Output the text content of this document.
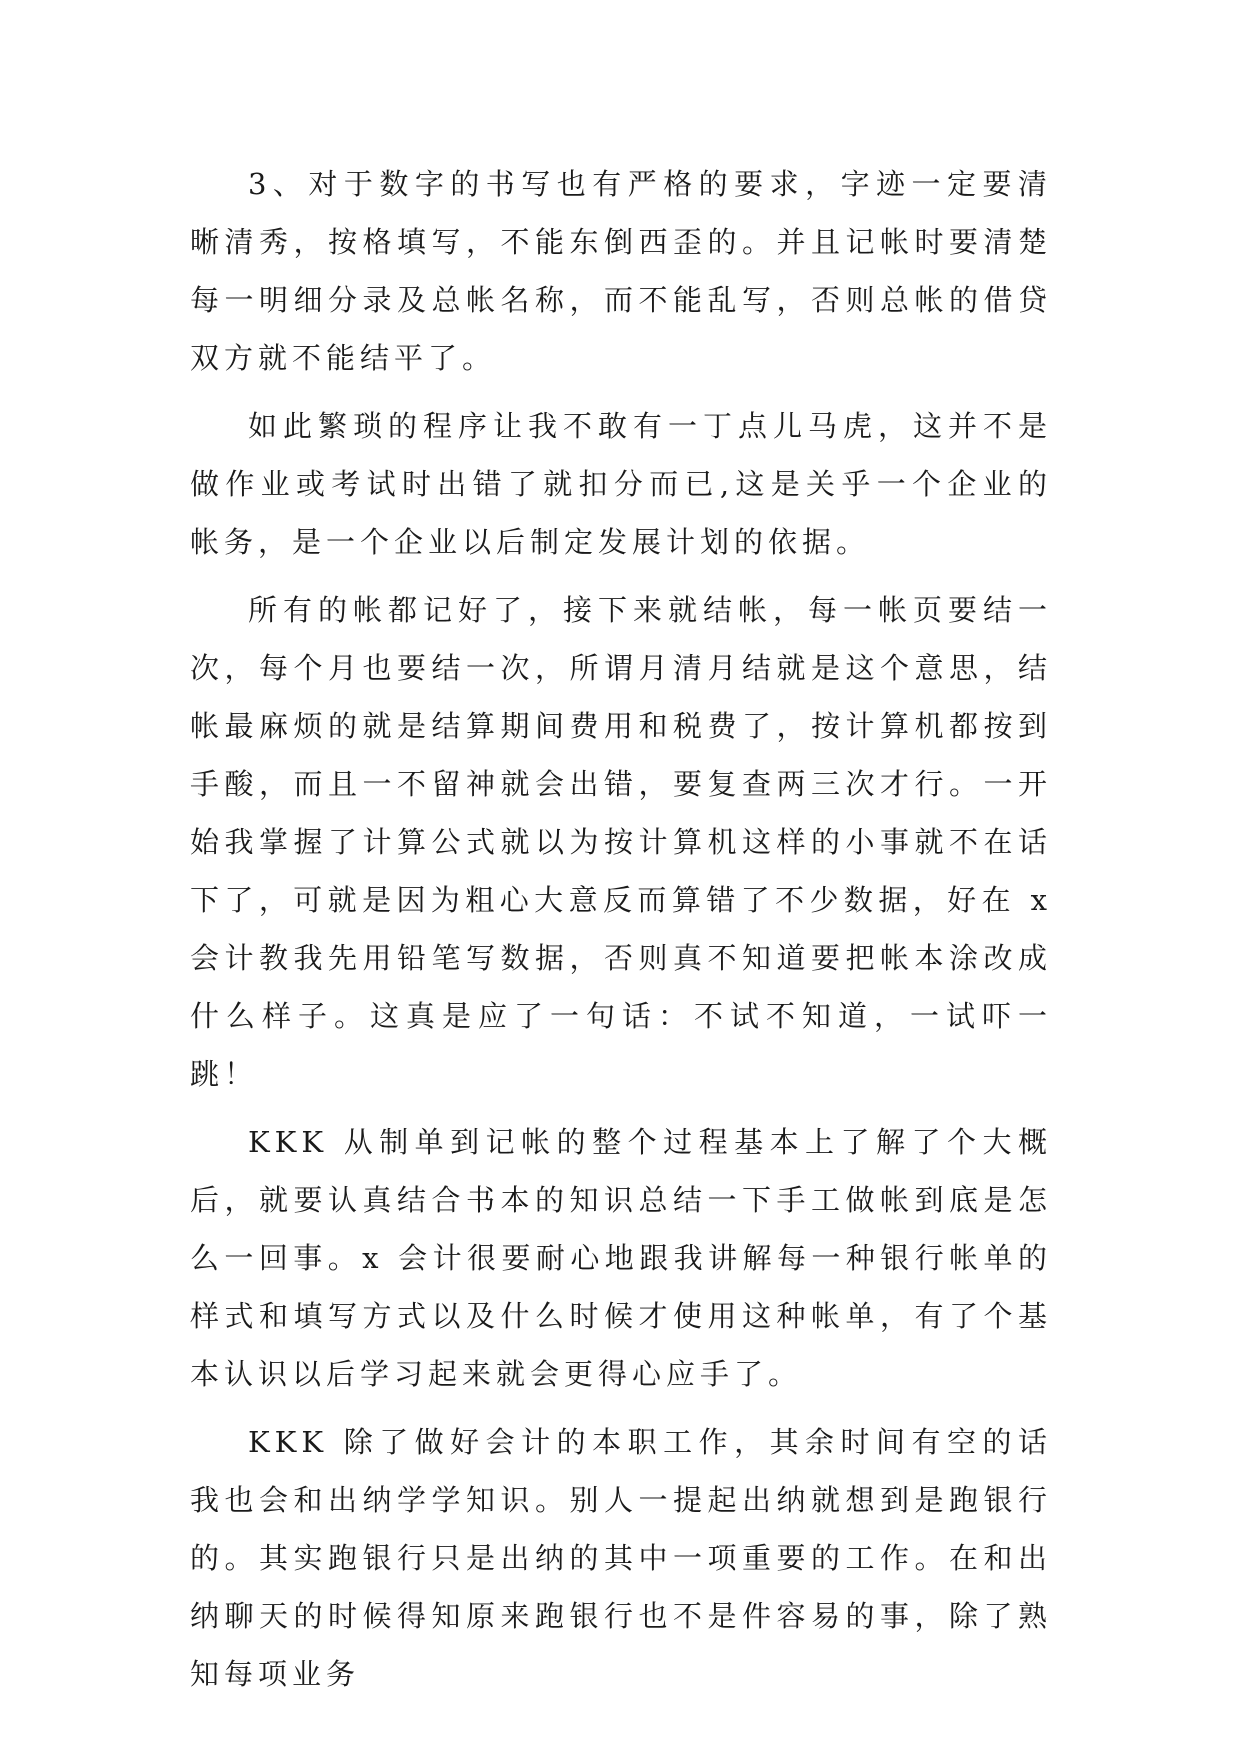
3、对于数字的书写也有严格的要求，字迹一定要清晰清秀，按格填写，不能东倒西歪的。并且记帐时要清楚每一明细分录及总帐名称，而不能乱写，否则总帐的借贷双方就不能结平了。

如此繁琐的程序让我不敢有一丁点儿马虎，这并不是做作业或考试时出错了就扣分而已,这是关乎一个企业的帐务，是一个企业以后制定发展计划的依据。

所有的帐都记好了，接下来就结帐，每一帐页要结一次，每个月也要结一次，所谓月清月结就是这个意思，结帐最麻烦的就是结算期间费用和税费了，按计算机都按到手酸，而且一不留神就会出错，要复查两三次才行。一开始我掌握了计算公式就以为按计算机这样的小事就不在话下了，可就是因为粗心大意反而算错了不少数据，好在 x 会计教我先用铅笔写数据，否则真不知道要把帐本涂改成什么样子。这真是应了一句话：不试不知道，一试吓一跳！

KKK 从制单到记帐的整个过程基本上了解了个大概后，就要认真结合书本的知识总结一下手工做帐到底是怎么一回事。x 会计很要耐心地跟我讲解每一种银行帐单的样式和填写方式以及什么时候才使用这种帐单，有了个基本认识以后学习起来就会更得心应手了。

KKK 除了做好会计的本职工作，其余时间有空的话我也会和出纳学学知识。别人一提起出纳就想到是跑银行的。其实跑银行只是出纳的其中一项重要的工作。在和出纳聊天的时候得知原来跑银行也不是件容易的事，除了熟知每项业务
